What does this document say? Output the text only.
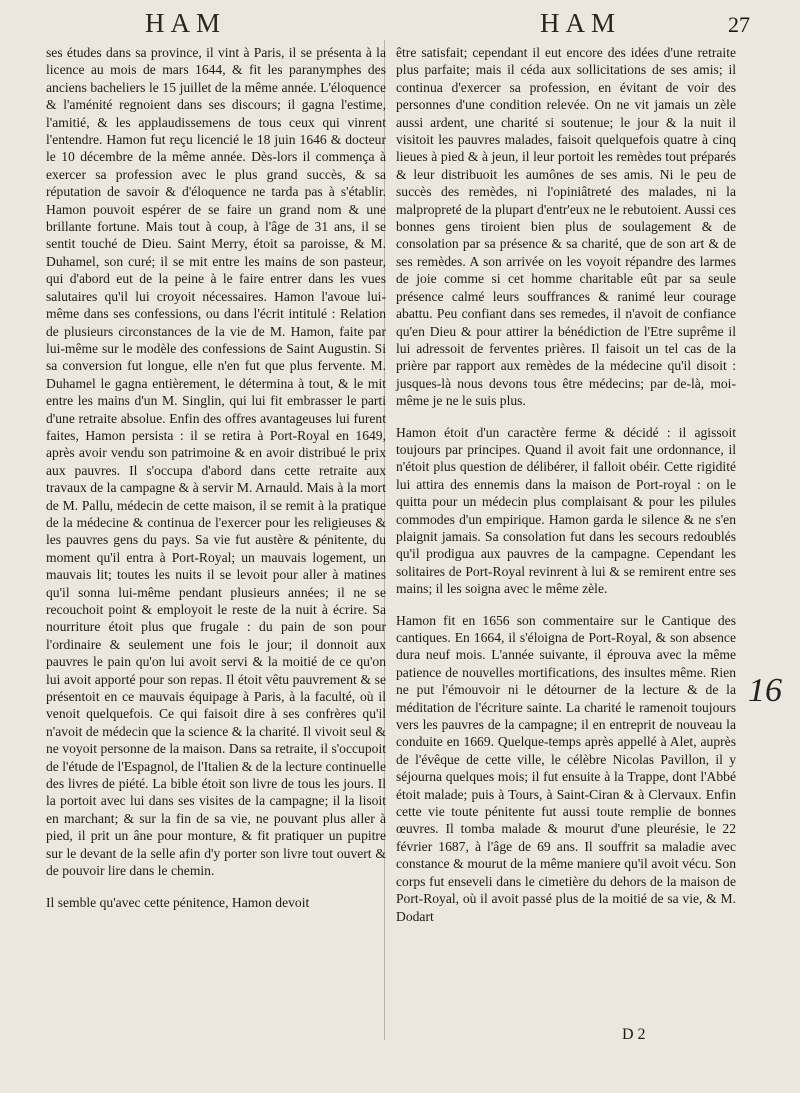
HAM	HAM	27

ses études dans sa province, il vint à Paris, il se présenta à la licence au mois de mars 1644, & fit les paranymphes des anciens bacheliers le 15 juillet de la même année. L'éloquence & l'aménité regnoient dans ses discours; il gagna l'estime, l'amitié, & les applaudissemens de tous ceux qui vinrent l'entendre. Hamon fut reçu licencié le 18 juin 1646 & docteur le 10 décembre de la même année. Dès-lors il commença à exercer sa profession avec le plus grand succès, & sa réputation de savoir & d'éloquence ne tarda pas à s'établir. Hamon pouvoit espérer de se faire un grand nom & une brillante fortune. Mais tout à coup, à l'âge de 31 ans, il se sentit touché de Dieu. Saint Merry, étoit sa paroisse, & M. Duhamel, son curé; il se mit entre les mains de son pasteur, qui d'abord eut de la peine à le faire entrer dans les vues salutaires qu'il lui croyoit nécessaires. Hamon l'avoue lui-même dans ses confessions, ou dans l'écrit intitulé : Relation de plusieurs circonstances de la vie de M. Hamon, faite par lui-même sur le modèle des confessions de Saint Augustin. Si sa conversion fut longue, elle n'en fut que plus fervente. M. Duhamel le gagna entièrement, le détermina à tout, & le mit entre les mains d'un M. Singlin, qui lui fit embrasser le parti d'une retraite absolue. Enfin des offres avantageuses lui furent faites, Hamon persista : il se retira à Port-Royal en 1649, après avoir vendu son patrimoine & en avoir distribué le prix aux pauvres. Il s'occupa d'abord dans cette retraite aux travaux de la campagne & à servir M. Arnauld. Mais à la mort de M. Pallu, médecin de cette maison, il se remit à la pratique de la médecine & continua de l'exercer pour les religieuses & les pauvres gens du pays. Sa vie fut austère & pénitente, du moment qu'il entra à Port-Royal; un mauvais logement, un mauvais lit; toutes les nuits il se levoit pour aller à matines qu'il sonna lui-même pendant plusieurs années; il ne se recouchoit point & employoit le reste de la nuit à écrire. Sa nourriture étoit plus que frugale : du pain de son pour l'ordinaire & seulement une fois le jour; il donnoit aux pauvres le pain qu'on lui avoit servi & la moitié de ce qu'on lui avoit apporté pour son repas. Il étoit vêtu pauvrement & se présentoit en ce mauvais équipage à Paris, à la faculté, où il venoit quelquefois. Ce qui faisoit dire à ses confrères qu'il n'avoit de médecin que la science & la charité. Il vivoit seul & ne voyoit personne de la maison. Dans sa retraite, il s'occupoit de l'étude de l'Espagnol, de l'Italien & de la lecture continuelle des livres de piété. La bible étoit son livre de tous les jours. Il la portoit avec lui dans ses visites de la campagne; il la lisoit en marchant; & sur la fin de sa vie, ne pouvant plus aller à pied, il prit un âne pour monture, & fit pratiquer un pupitre sur le devant de la selle afin d'y porter son livre tout ouvert & de pouvoir lire dans le chemin.

Il semble qu'avec cette pénitence, Hamon devoit

être satisfait; cependant il eut encore des idées d'une retraite plus parfaite; mais il céda aux sollicitations de ses amis; il continua d'exercer sa profession, en évitant de voir des personnes d'une condition relevée. On ne vit jamais un zèle aussi ardent, une charité si soutenue; le jour & la nuit il visitoit les pauvres malades, faisoit quelquefois quatre à cinq lieues à pied & à jeun, il leur portoit les remèdes tout préparés & leur distribuoit les aumônes de ses amis. Ni le peu de succès des remèdes, ni l'opiniâtreté des malades, ni la malpropreté de la plupart d'entr'eux ne le rebutoient. Aussi ces bonnes gens tiroient bien plus de soulagement & de consolation par sa présence & sa charité, que de son art & de ses remèdes. A son arrivée on les voyoit répandre des larmes de joie comme si cet homme charitable eût par sa seule présence calmé leurs souffrances & ranimé leur courage abattu. Peu confiant dans ses remedes, il n'avoit de confiance qu'en Dieu & pour attirer la bénédiction de l'Etre suprême il lui adressoit de ferventes prières. Il faisoit un tel cas de la prière par rapport aux remèdes de la médecine qu'il disoit : jusques-là nous devons tous être médecins; par de-là, moi-même je ne le suis plus.

Hamon étoit d'un caractère ferme & décidé : il agissoit toujours par principes. Quand il avoit fait une ordonnance, il n'étoit plus question de délibérer, il falloit obéir. Cette rigidité lui attira des ennemis dans la maison de Port-royal : on le quitta pour un médecin plus complaisant & pour les pilules commodes d'un empirique. Hamon garda le silence & ne s'en plaignit jamais. Sa consolation fut dans les secours redoublés qu'il prodigua aux pauvres de la campagne. Cependant les solitaires de Port-Royal revinrent à lui & se remirent entre ses mains; il les soigna avec le même zèle.

Hamon fit en 1656 son commentaire sur le Cantique des cantiques. En 1664, il s'éloigna de Port-Royal, & son absence dura neuf mois. L'année suivante, il éprouva avec la même patience de nouvelles mortifications, des insultes même. Rien ne put l'émouvoir ni le détourner de la lecture & de la méditation de l'écriture sainte. La charité le ramenoit toujours vers les pauvres de la campagne; il en entreprit de nouveau la conduite en 1669. Quelque-temps après appellé à Alet, auprès de l'évêque de cette ville, le célèbre Nicolas Pavillon, il y séjourna quelques mois; il fut ensuite à la Trappe, dont l'Abbé étoit malade; puis à Tours, à Saint-Ciran & à Clervaux. Enfin cette vie toute pénitente fut aussi toute remplie de bonnes œuvres. Il tomba malade & mourut d'une pleurésie, le 22 février 1687, à l'âge de 69 ans. Il souffrit sa maladie avec constance & mourut de la même maniere qu'il avoit vécu. Son corps fut enseveli dans le cimetière du dehors de la maison de Port-Royal, où il avoit passé plus de la moitié de sa vie, & M. Dodart

16
D 2
